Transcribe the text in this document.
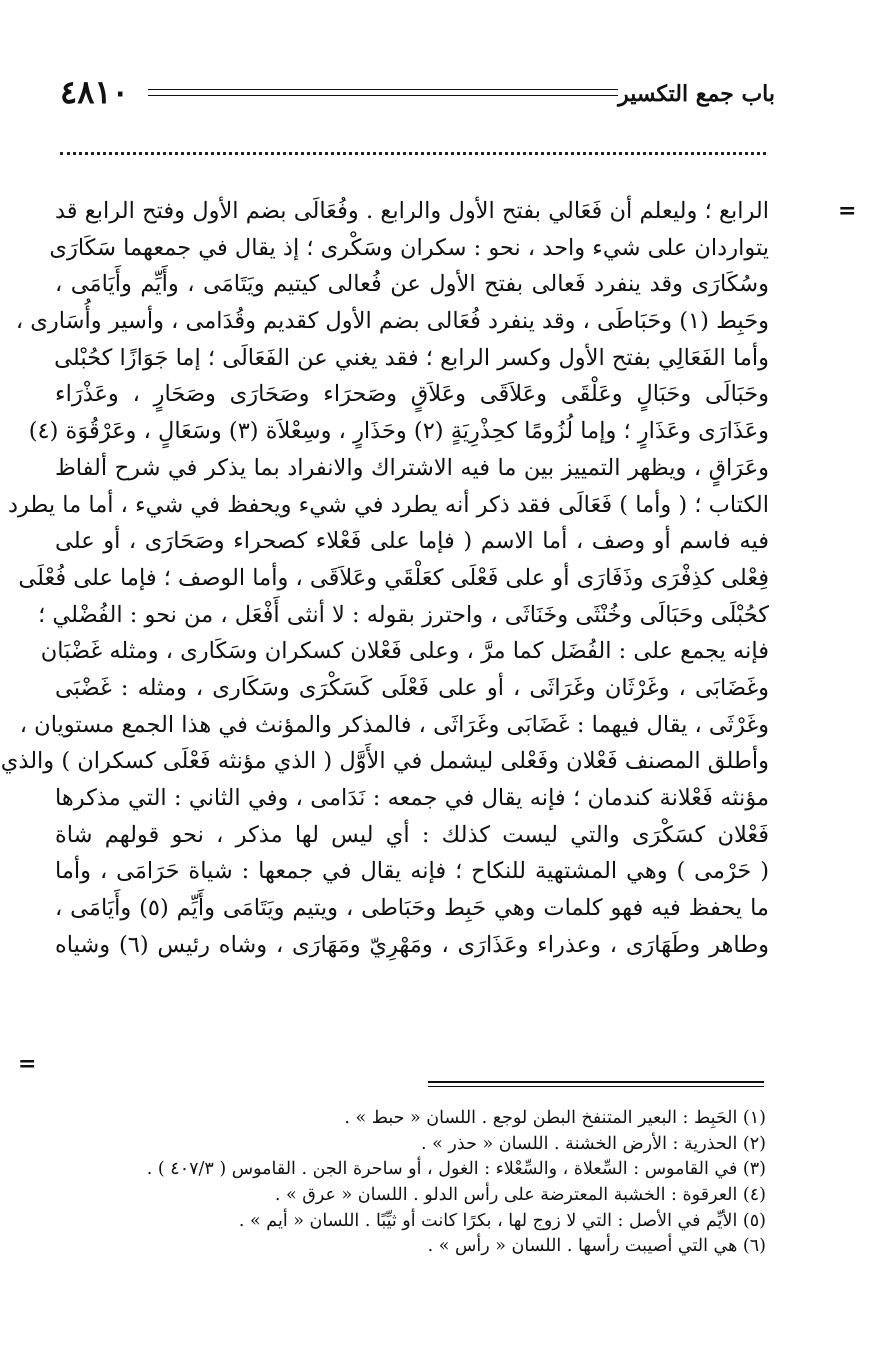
٤٨١٠	باب جمع التكسير
=
الرابع ؛ وليعلم أن فَعَالي بفتح الأول والرابع . وفُعَالَى بضم الأول وفتح الرابع قد
يتواردان على شيء واحد ، نحو : سكران وسَكْرى ؛ إذ يقال في جمعهما سَكَارَى
وسُكَارَى وقد ينفرد فَعالى بفتح الأول عن فُعالى كيتيم ويَتَامَى ، وأَيِّم وأَيَامَى ،
وحَبِط (١) وحَبَاطَى ، وقد ينفرد فُعَالى بضم الأول كقديم وقُدَامى ، وأسير وأُسَارى ،
وأما الفَعَالِي بفتح الأول وكسر الرابع ؛ فقد يغني عن الفَعَالَى ؛ إما جَوَازًا كحُبْلى
وحَبَالَى وحَبَالٍ وعَلْقَى وعَلاَقَى وعَلاَقٍ وصَحرَاء وصَحَارَى وصَحَارٍ ، وعَذْرَاء
وعَذَارَى وعَذَارٍ ؛ وإما لُزُومًا كحِذْرِيَةٍ (٢) وحَذَارٍ ، وسِعْلاَة (٣) وسَعَالٍ ، وعَرْقُوَة (٤)
وعَرَاقٍ ، ويظهر التمييز بين ما فيه الاشتراك والانفراد بما يذكر في شرح ألفاظ
الكتاب ؛ ( وأما ) فَعَالَى فقد ذكر أنه يطرد في شيء ويحفظ في شيء ، أما ما يطرد
فيه فاسم أو وصف ، أما الاسم ( فإما على فَعْلاء كصحراء وصَحَارَى ، أو على
فِعْلى كذِفْرَى وذَفَارَى أو على فَعْلَى كعَلْقَي وعَلاَقَى ، وأما الوصف ؛ فإما على فُعْلَى
كحُبْلَى وحَبَالَى وخُنْثَى وخَنَاثَى ، واحترز بقوله : لا أنثى أَفْعَل ، من نحو : الفُضْلي ؛
فإنه يجمع على : الفُضَل كما مرَّ ، وعلى فَعْلان كسكران وسَكَارى ، ومثله غَضْبَان
وغَضَابَى ، وغَرْثَان وغَرَاثَى ، أو على فَعْلَى كَسَكْرَى وسَكَارى ، ومثله : غَضْبَى
وغَرْثَى ، يقال فيهما : غَضَابَى وغَرَاثَى ، فالمذكر والمؤنث في هذا الجمع مستويان ،
وأطلق المصنف فَعْلان وفَعْلى ليشمل في الأَوَّل ( الذي مؤنثه فَعْلَى كسكران ) والذي
مؤنثه فَعْلانة كندمان ؛ فإنه يقال في جمعه : نَدَامى ، وفي الثاني : التي مذكرها
فَعْلان كسَكْرَى والتي ليست كذلك : أي ليس لها مذكر ، نحو قولهم شاة
( حَرْمى ) وهي المشتهية للنكاح ؛ فإنه يقال في جمعها : شياة حَرَامَى ، وأما
ما يحفظ فيه فهو كلمات وهي حَبِط وحَبَاطى ، ويتيم ويَتَامَى وأَيِّم (٥) وأَيَامَى ،
وطاهر وطَهَارَى ، وعذراء وعَذَارَى ، ومَهْرِيّ ومَهَارَى ، وشاه رئيس (٦) وشياه
=
(١) الحَبِط : البعير المتنفخ البطن لوجع . اللسان « حبط » .
(٢) الحذرية : الأرض الخشنة . اللسان « حذر » .
(٣) في القاموس : السِّعلاة ، والسِّعْلاء : الغول ، أو ساحرة الجن . القاموس ( ٤٠٧/٣ ) .
(٤) العرقوة : الخشبة المعترضة على رأس الدلو . اللسان « عرق » .
(٥) الأيِّم في الأصل : التي لا زوج لها ، بكرًا كانت أو ثيِّبًا . اللسان « أيم » .
(٦) هي التي أصيبت رأسها . اللسان « رأس » .
